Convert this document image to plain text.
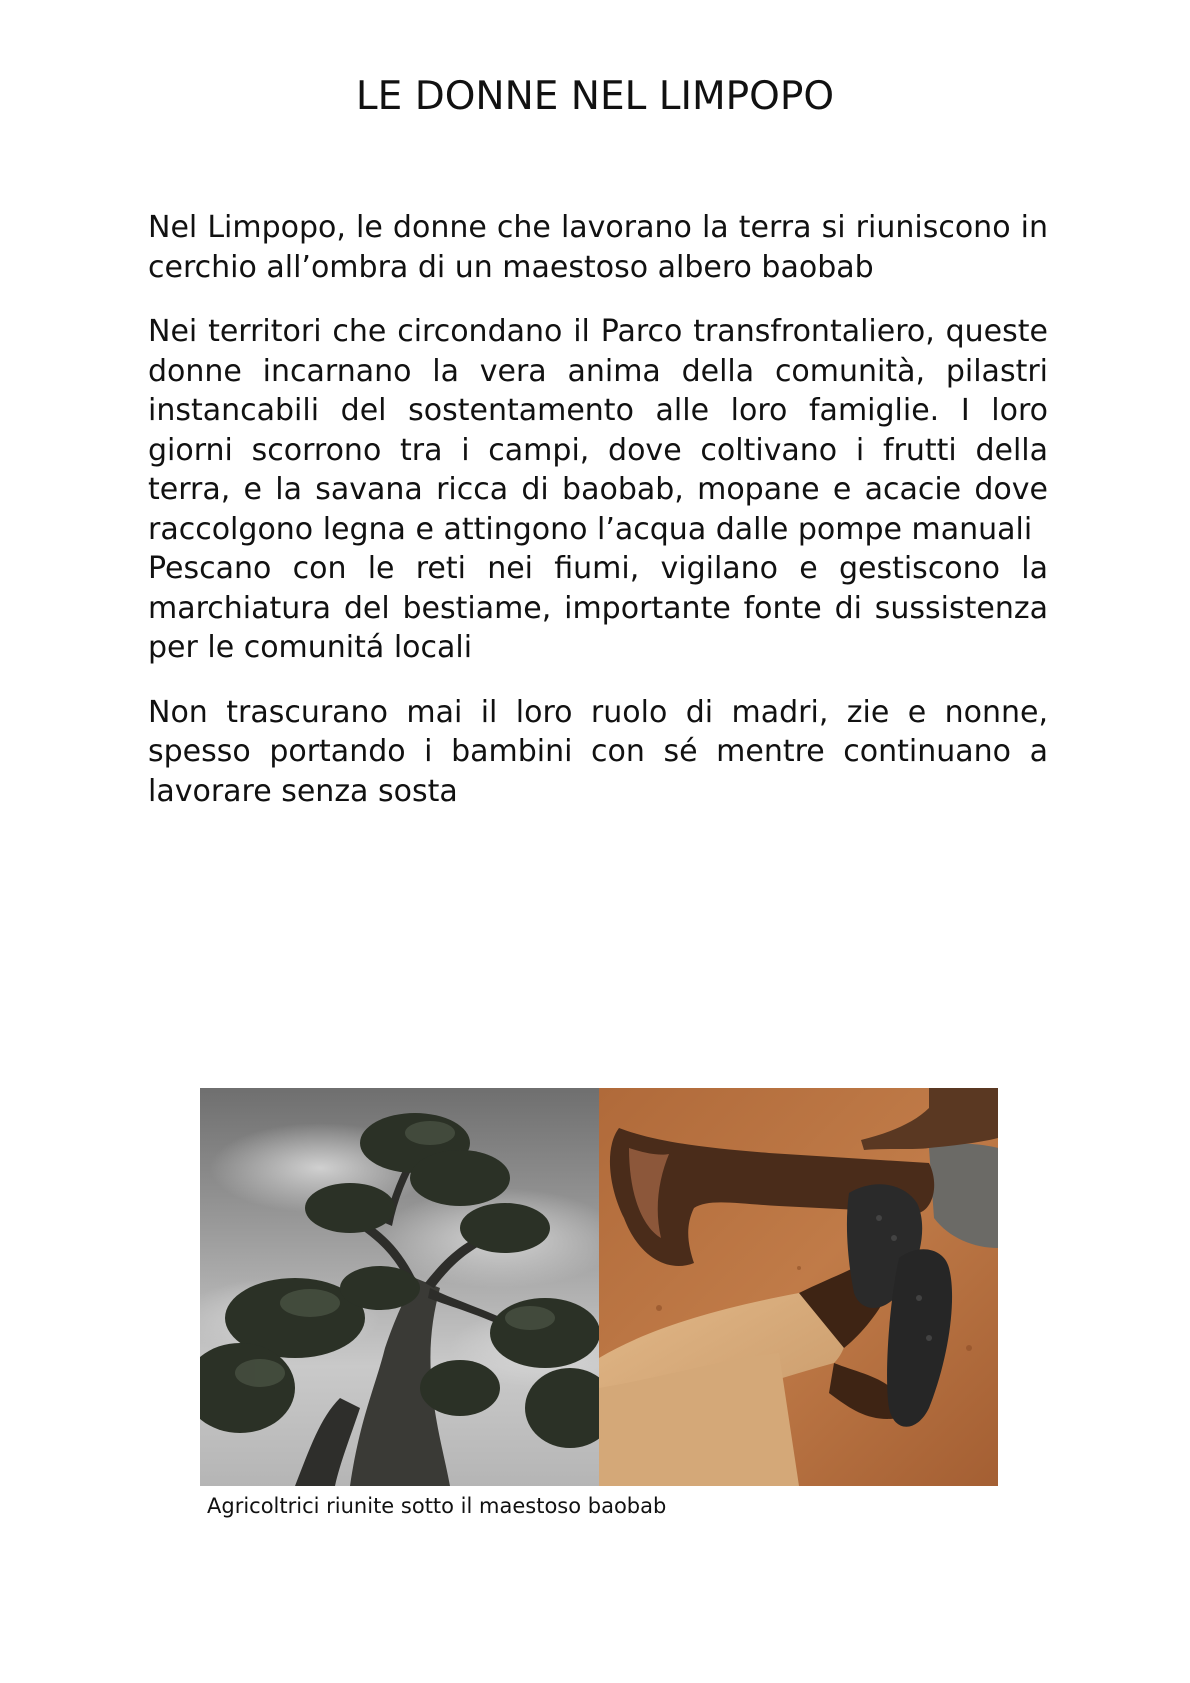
LE DONNE NEL LIMPOPO

Nel Limpopo, le donne che lavorano la terra si riuniscono in cerchio all’ombra di un maestoso albero baobab

Nei territori che circondano il Parco transfrontaliero, queste donne incarnano la vera anima della comunità, pilastri instancabili del sostentamento alle loro famiglie. I loro giorni scorrono tra i campi, dove coltivano i frutti della terra, e la savana ricca di baobab, mopane e acacie dove raccolgono legna e attingono l’acqua dalle pompe manuali

Pescano con le reti nei fiumi, vigilano e gestiscono la marchiatura del bestiame, importante fonte di sussistenza per le comunitá locali

Non trascurano mai il loro ruolo di madri, zie e nonne, spesso portando i bambini con sé mentre continuano a lavorare senza sosta

Agricoltrici riunite sotto il maestoso baobab
